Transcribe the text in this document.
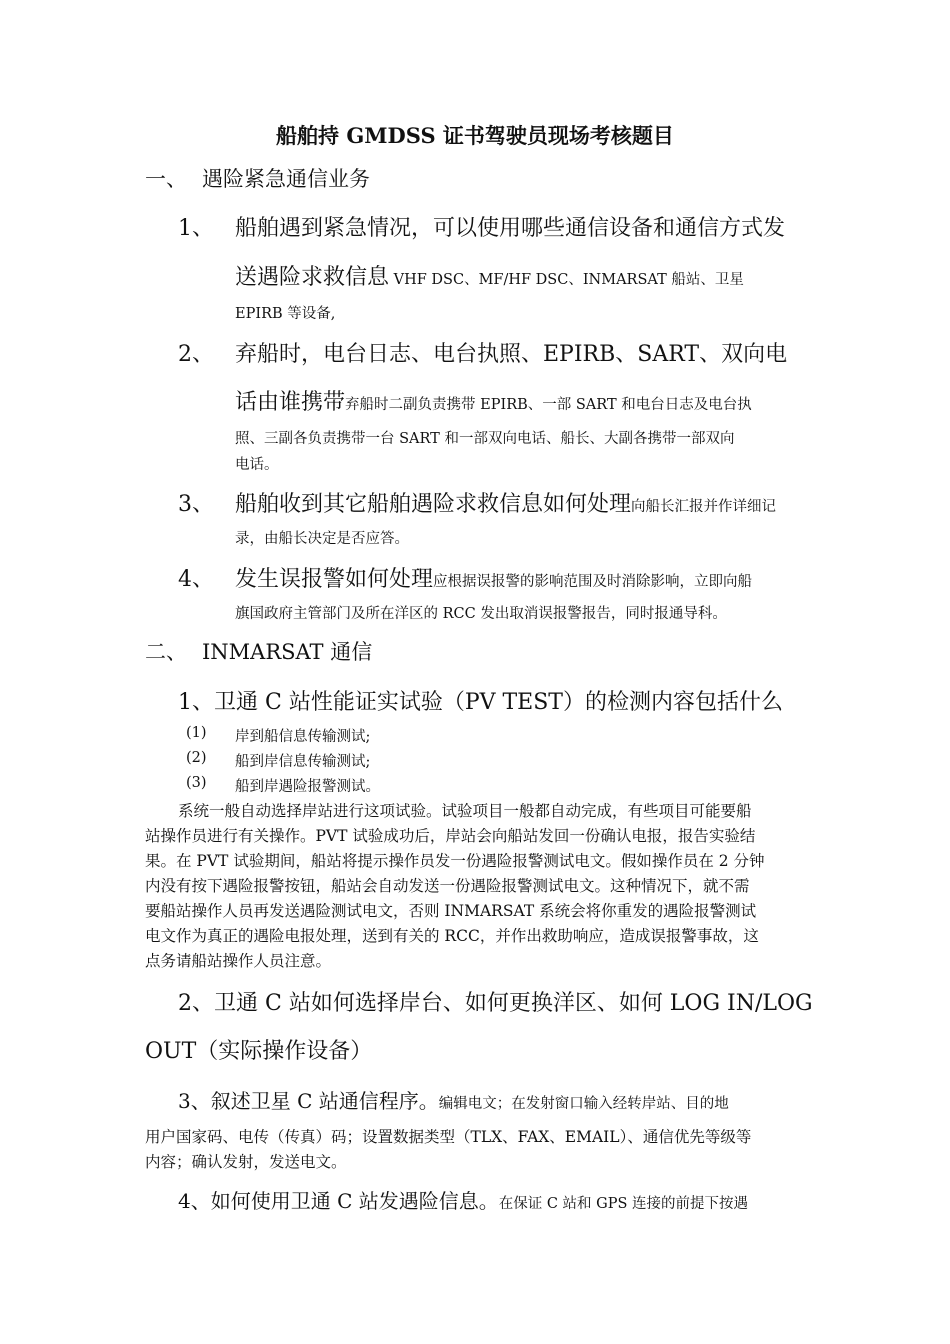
船舶持 GMDSS 证书驾驶员现场考核题目
一、 遇险紧急通信业务
1、 船舶遇到紧急情况，可以使用哪些通信设备和通信方式发
送遇险求救信息 VHF DSC、MF/HF DSC、INMARSAT 船站、卫星
EPIRB 等设备,
2、 弃船时，电台日志、电台执照、EPIRB、SART、双向电
话由谁携带弃船时二副负责携带 EPIRB、一部 SART 和电台日志及电台执
照、三副各负责携带一台 SART 和一部双向电话、船长、大副各携带一部双向
电话。
3、 船舶收到其它船舶遇险求救信息如何处理向船长汇报并作详细记
录，由船长决定是否应答。
4、 发生误报警如何处理应根据误报警的影响范围及时消除影响，立即向船
旗国政府主管部门及所在洋区的 RCC 发出取消误报警报告，同时报通导科。
二、 INMARSAT 通信
1、卫通 C 站性能证实试验（PV TEST）的检测内容包括什么
(1) 岸到船信息传输测试;
(2) 船到岸信息传输测试;
(3) 船到岸遇险报警测试。
系统一般自动选择岸站进行这项试验。试验项目一般都自动完成，有些项目可能要船
站操作员进行有关操作。PVT 试验成功后，岸站会向船站发回一份确认电报，报告实验结
果。在 PVT 试验期间，船站将提示操作员发一份遇险报警测试电文。假如操作员在 2 分钟
内没有按下遇险报警按钮，船站会自动发送一份遇险报警测试电文。这种情况下，就不需
要船站操作人员再发送遇险测试电文，否则 INMARSAT 系统会将你重发的遇险报警测试
电文作为真正的遇险电报处理，送到有关的 RCC，并作出救助响应，造成误报警事故，这
点务请船站操作人员注意。
2、卫通 C 站如何选择岸台、如何更换洋区、如何 LOG IN/LOG
OUT（实际操作设备）
3、叙述卫星 C 站通信程序。编辑电文；在发射窗口输入经转岸站、目的地
用户国家码、电传（传真）码；设置数据类型（TLX、FAX、EMAIL）、通信优先等级等
内容；确认发射，发送电文。
4、如何使用卫通 C 站发遇险信息。在保证 C 站和 GPS 连接的前提下按遇
